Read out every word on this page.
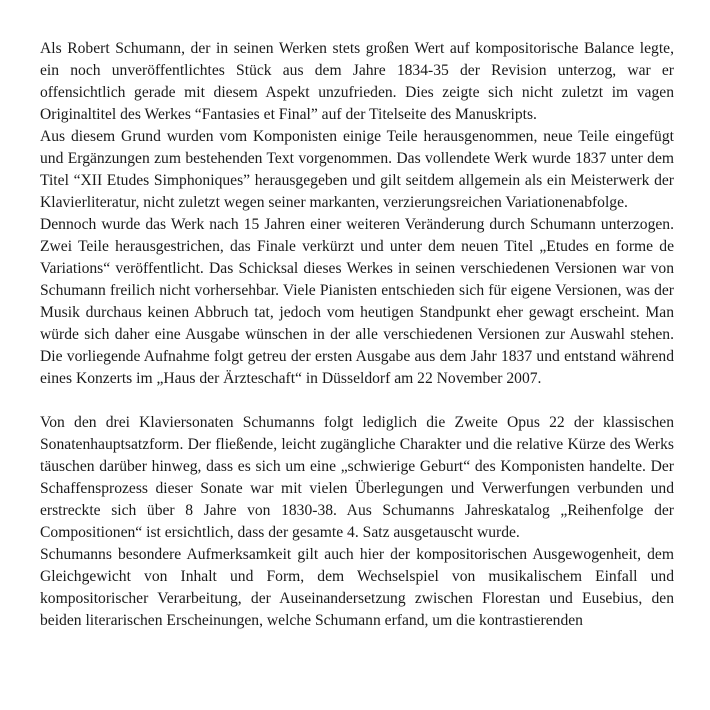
Als Robert Schumann, der in seinen Werken stets großen Wert auf kompositorische Balance legte, ein noch unveröffentlichtes Stück aus dem Jahre 1834-35 der Revision unterzog, war er offensichtlich gerade mit diesem Aspekt unzufrieden. Dies zeigte sich nicht zuletzt im vagen Originaltitel des Werkes “Fantasies et Final” auf der Titelseite des Manuskripts.

Aus diesem Grund wurden vom Komponisten einige Teile herausgenommen, neue Teile eingefügt und Ergänzungen zum bestehenden Text vorgenommen. Das vollendete Werk wurde 1837 unter dem Titel “XII Etudes Simphoniques” herausgegeben und gilt seitdem allgemein als ein Meisterwerk der Klavierliteratur, nicht zuletzt wegen seiner markanten, verzierungsreichen Variationenabfolge.

Dennoch wurde das Werk nach 15 Jahren einer weiteren Veränderung durch Schumann unterzogen. Zwei Teile herausgestrichen, das Finale verkürzt und unter dem neuen Titel „Etudes en forme de Variations“ veröffentlicht. Das Schicksal dieses Werkes in seinen verschiedenen Versionen war von Schumann freilich nicht vorhersehbar. Viele Pianisten entschieden sich für eigene Versionen, was der Musik durchaus keinen Abbruch tat, jedoch vom heutigen Standpunkt eher gewagt erscheint. Man würde sich daher eine Ausgabe wünschen in der alle verschiedenen Versionen zur Auswahl stehen. Die vorliegende Aufnahme folgt getreu der ersten Ausgabe aus dem Jahr 1837 und entstand während eines Konzerts im „Haus der Ärzteschaft“ in Düsseldorf am 22 November 2007.

Von den drei Klaviersonaten Schumanns folgt lediglich die Zweite Opus 22 der klassischen Sonatenhauptsatzform. Der fließende, leicht zugängliche Charakter und die relative Kürze des Werks täuschen darüber hinweg, dass es sich um eine „schwierige Geburt“ des Komponisten handelte. Der Schaffensprozess dieser Sonate war mit vielen Überlegungen und Verwerfungen verbunden und erstreckte sich über 8 Jahre von 1830-38. Aus Schumanns Jahreskatalog „Reihenfolge der Compositionen“ ist ersichtlich, dass der gesamte 4. Satz ausgetauscht wurde.

Schumanns besondere Aufmerksamkeit gilt auch hier der kompositorischen Ausgewogenheit, dem Gleichgewicht von Inhalt und Form, dem Wechselspiel von musikalischem Einfall und kompositorischer Verarbeitung, der Auseinandersetzung zwischen Florestan und Eusebius, den beiden literarischen Erscheinungen, welche Schumann erfand, um die kontrastierenden
